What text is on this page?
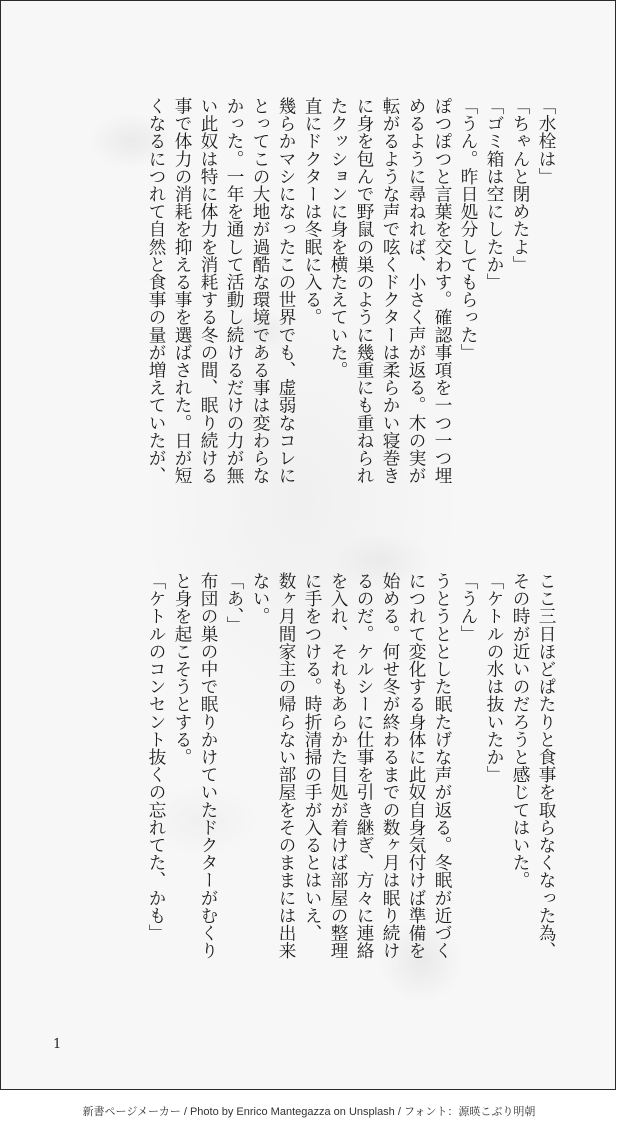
「水栓は」

「ちゃんと閉めたよ」

「ゴミ箱は空にしたか」

「うん。昨日処分してもらった」

ぽつぽつと言葉を交わす。確認事項を一つ一つ埋

めるように尋ねれば、小さく声が返る。木の実が

転がるような声で呟くドクターは柔らかい寝巻き

に身を包んで野鼠の巣のように幾重にも重ねられ

たクッションに身を横たえていた。

直にドクターは冬眠に入る。

幾らかマシになったこの世界でも、虚弱なコレに

とってこの大地が過酷な環境である事は変わらな

かった。一年を通して活動し続けるだけの力が無

い此奴は特に体力を消耗する冬の間、眠り続ける

事で体力の消耗を抑える事を選ばされた。日が短

くなるにつれて自然と食事の量が増えていたが、

ここ三日ほどぱたりと食事を取らなくなった為、

その時が近いのだろうと感じてはいた。

「ケトルの水は抜いたか」

「うん」

うとうととした眠たげな声が返る。冬眠が近づく

につれて変化する身体に此奴自身気付けば準備を

始める。何せ冬が終わるまでの数ヶ月は眠り続け

るのだ。ケルシーに仕事を引き継ぎ、方々に連絡

を入れ、それもあらかた目処が着けば部屋の整理

に手をつける。時折清掃の手が入るとはいえ、

数ヶ月間家主の帰らない部屋をそのままには出来

ない。

「あ、」

布団の巣の中で眠りかけていたドクターがむくり

と身を起こそうとする。

「ケトルのコンセント抜くの忘れてた、かも」

1
新書ページメーカー / Photo by Enrico Mantegazza on Unsplash / フォント：源暎こぶり明朝
